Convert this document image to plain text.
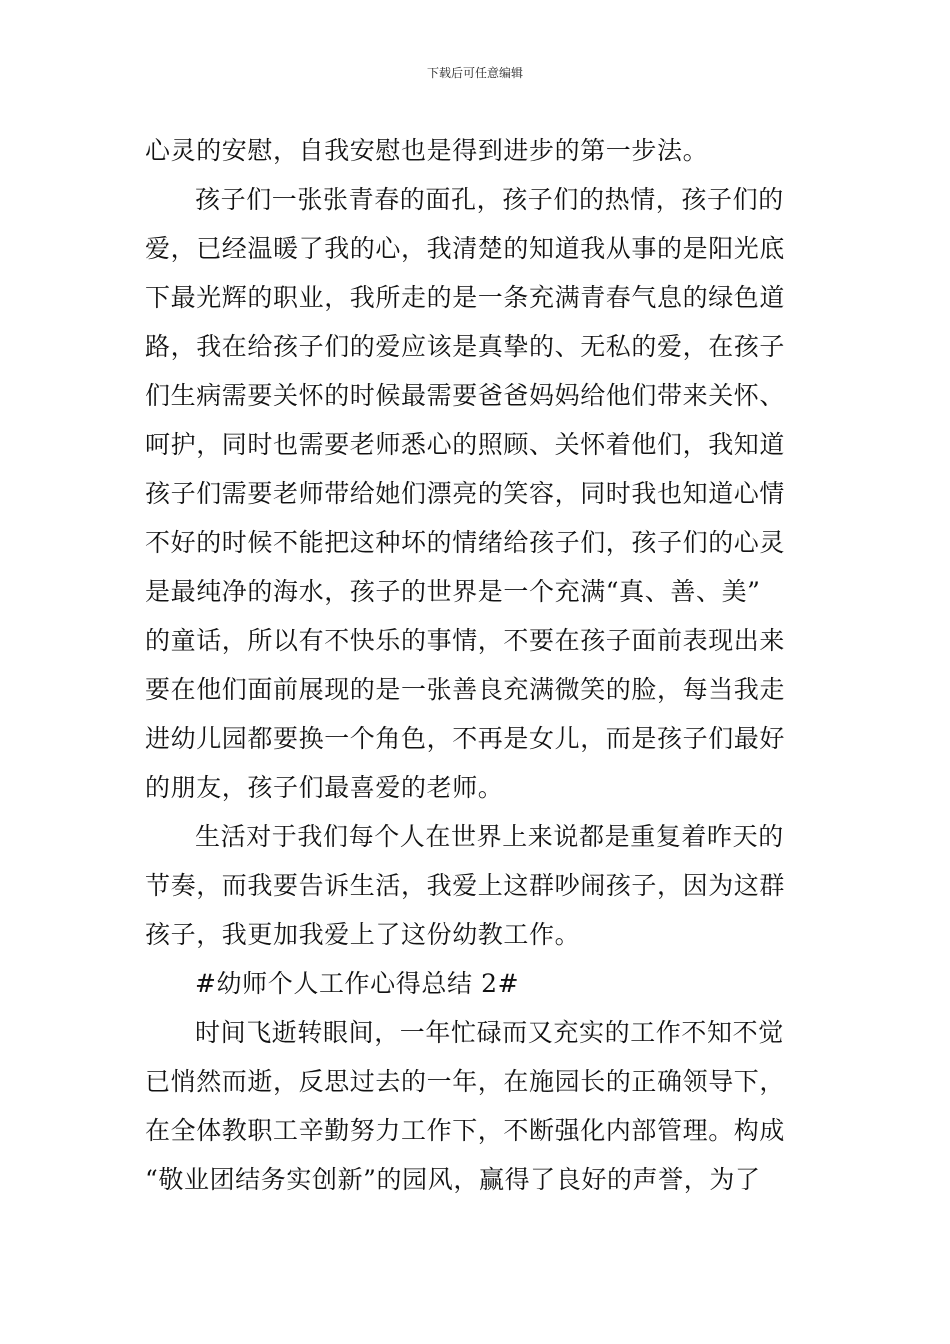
下载后可任意编辑
心灵的安慰，自我安慰也是得到进步的第一步法。
孩子们一张张青春的面孔，孩子们的热情，孩子们的
爱，已经温暖了我的心，我清楚的知道我从事的是阳光底
下最光辉的职业，我所走的是一条充满青春气息的绿色道
路，我在给孩子们的爱应该是真挚的、无私的爱，在孩子
们生病需要关怀的时候最需要爸爸妈妈给他们带来关怀、
呵护，同时也需要老师悉心的照顾、关怀着他们，我知道
孩子们需要老师带给她们漂亮的笑容，同时我也知道心情
不好的时候不能把这种坏的情绪给孩子们，孩子们的心灵
是最纯净的海水，孩子的世界是一个充满“真、善、美”
的童话，所以有不快乐的事情，不要在孩子面前表现出来
要在他们面前展现的是一张善良充满微笑的脸，每当我走
进幼儿园都要换一个角色，不再是女儿，而是孩子们最好
的朋友，孩子们最喜爱的老师。
生活对于我们每个人在世界上来说都是重复着昨天的
节奏，而我要告诉生活，我爱上这群吵闹孩子，因为这群
孩子，我更加我爱上了这份幼教工作。
#幼师个人工作心得总结 2#
时间飞逝转眼间，一年忙碌而又充实的工作不知不觉
已悄然而逝，反思过去的一年，在施园长的正确领导下，
在全体教职工辛勤努力工作下，不断强化内部管理。构成
“敬业团结务实创新”的园风，赢得了良好的声誉，为了
